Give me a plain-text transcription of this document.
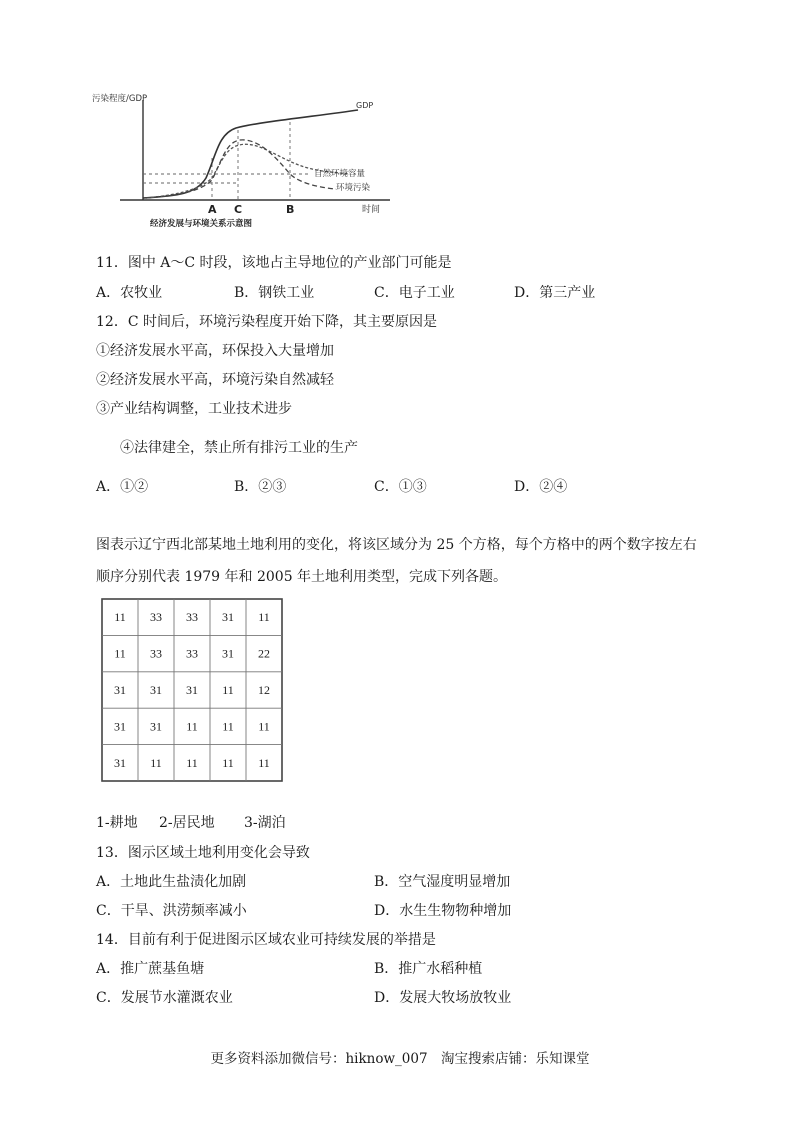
污染程度/GDP
时间
GDP
自然环境容量
环境污染
A C	B
经济发展与环境关系示意图
11．图中 A～C 时段，该地占主导地位的产业部门可能是
A．农牧业	B．钢铁工业	C．电子工业	D．第三产业
12．C 时间后，环境污染程度开始下降，其主要原因是
①经济发展水平高，环保投入大量增加
②经济发展水平高，环境污染自然减轻
③产业结构调整，工业技术进步
④法律建全，禁止所有排污工业的生产
A．①②	B．②③	C．①③	D．②④
图表示辽宁西北部某地土地利用的变化，将该区域分为 25 个方格，每个方格中的两个数字按左右
顺序分别代表 1979 年和 2005 年土地利用类型，完成下列各题。
11 33 33 31 11
11 33 33 31 22
31 31 31 11 12
31 31 11 11 11
31 11 11 11 11
1-耕地 2-居民地 3-湖泊
13．图示区域土地利用变化会导致
A．土地此生盐渍化加剧	B．空气湿度明显增加
C．干旱、洪涝频率减小	D．水生生物物种增加
14．目前有利于促进图示区域农业可持续发展的举措是
A．推广蔗基鱼塘	B．推广水稻种植
C．发展节水灌溉农业	D．发展大牧场放牧业
更多资料添加微信号：hiknow_007　淘宝搜索店铺：乐知课堂
